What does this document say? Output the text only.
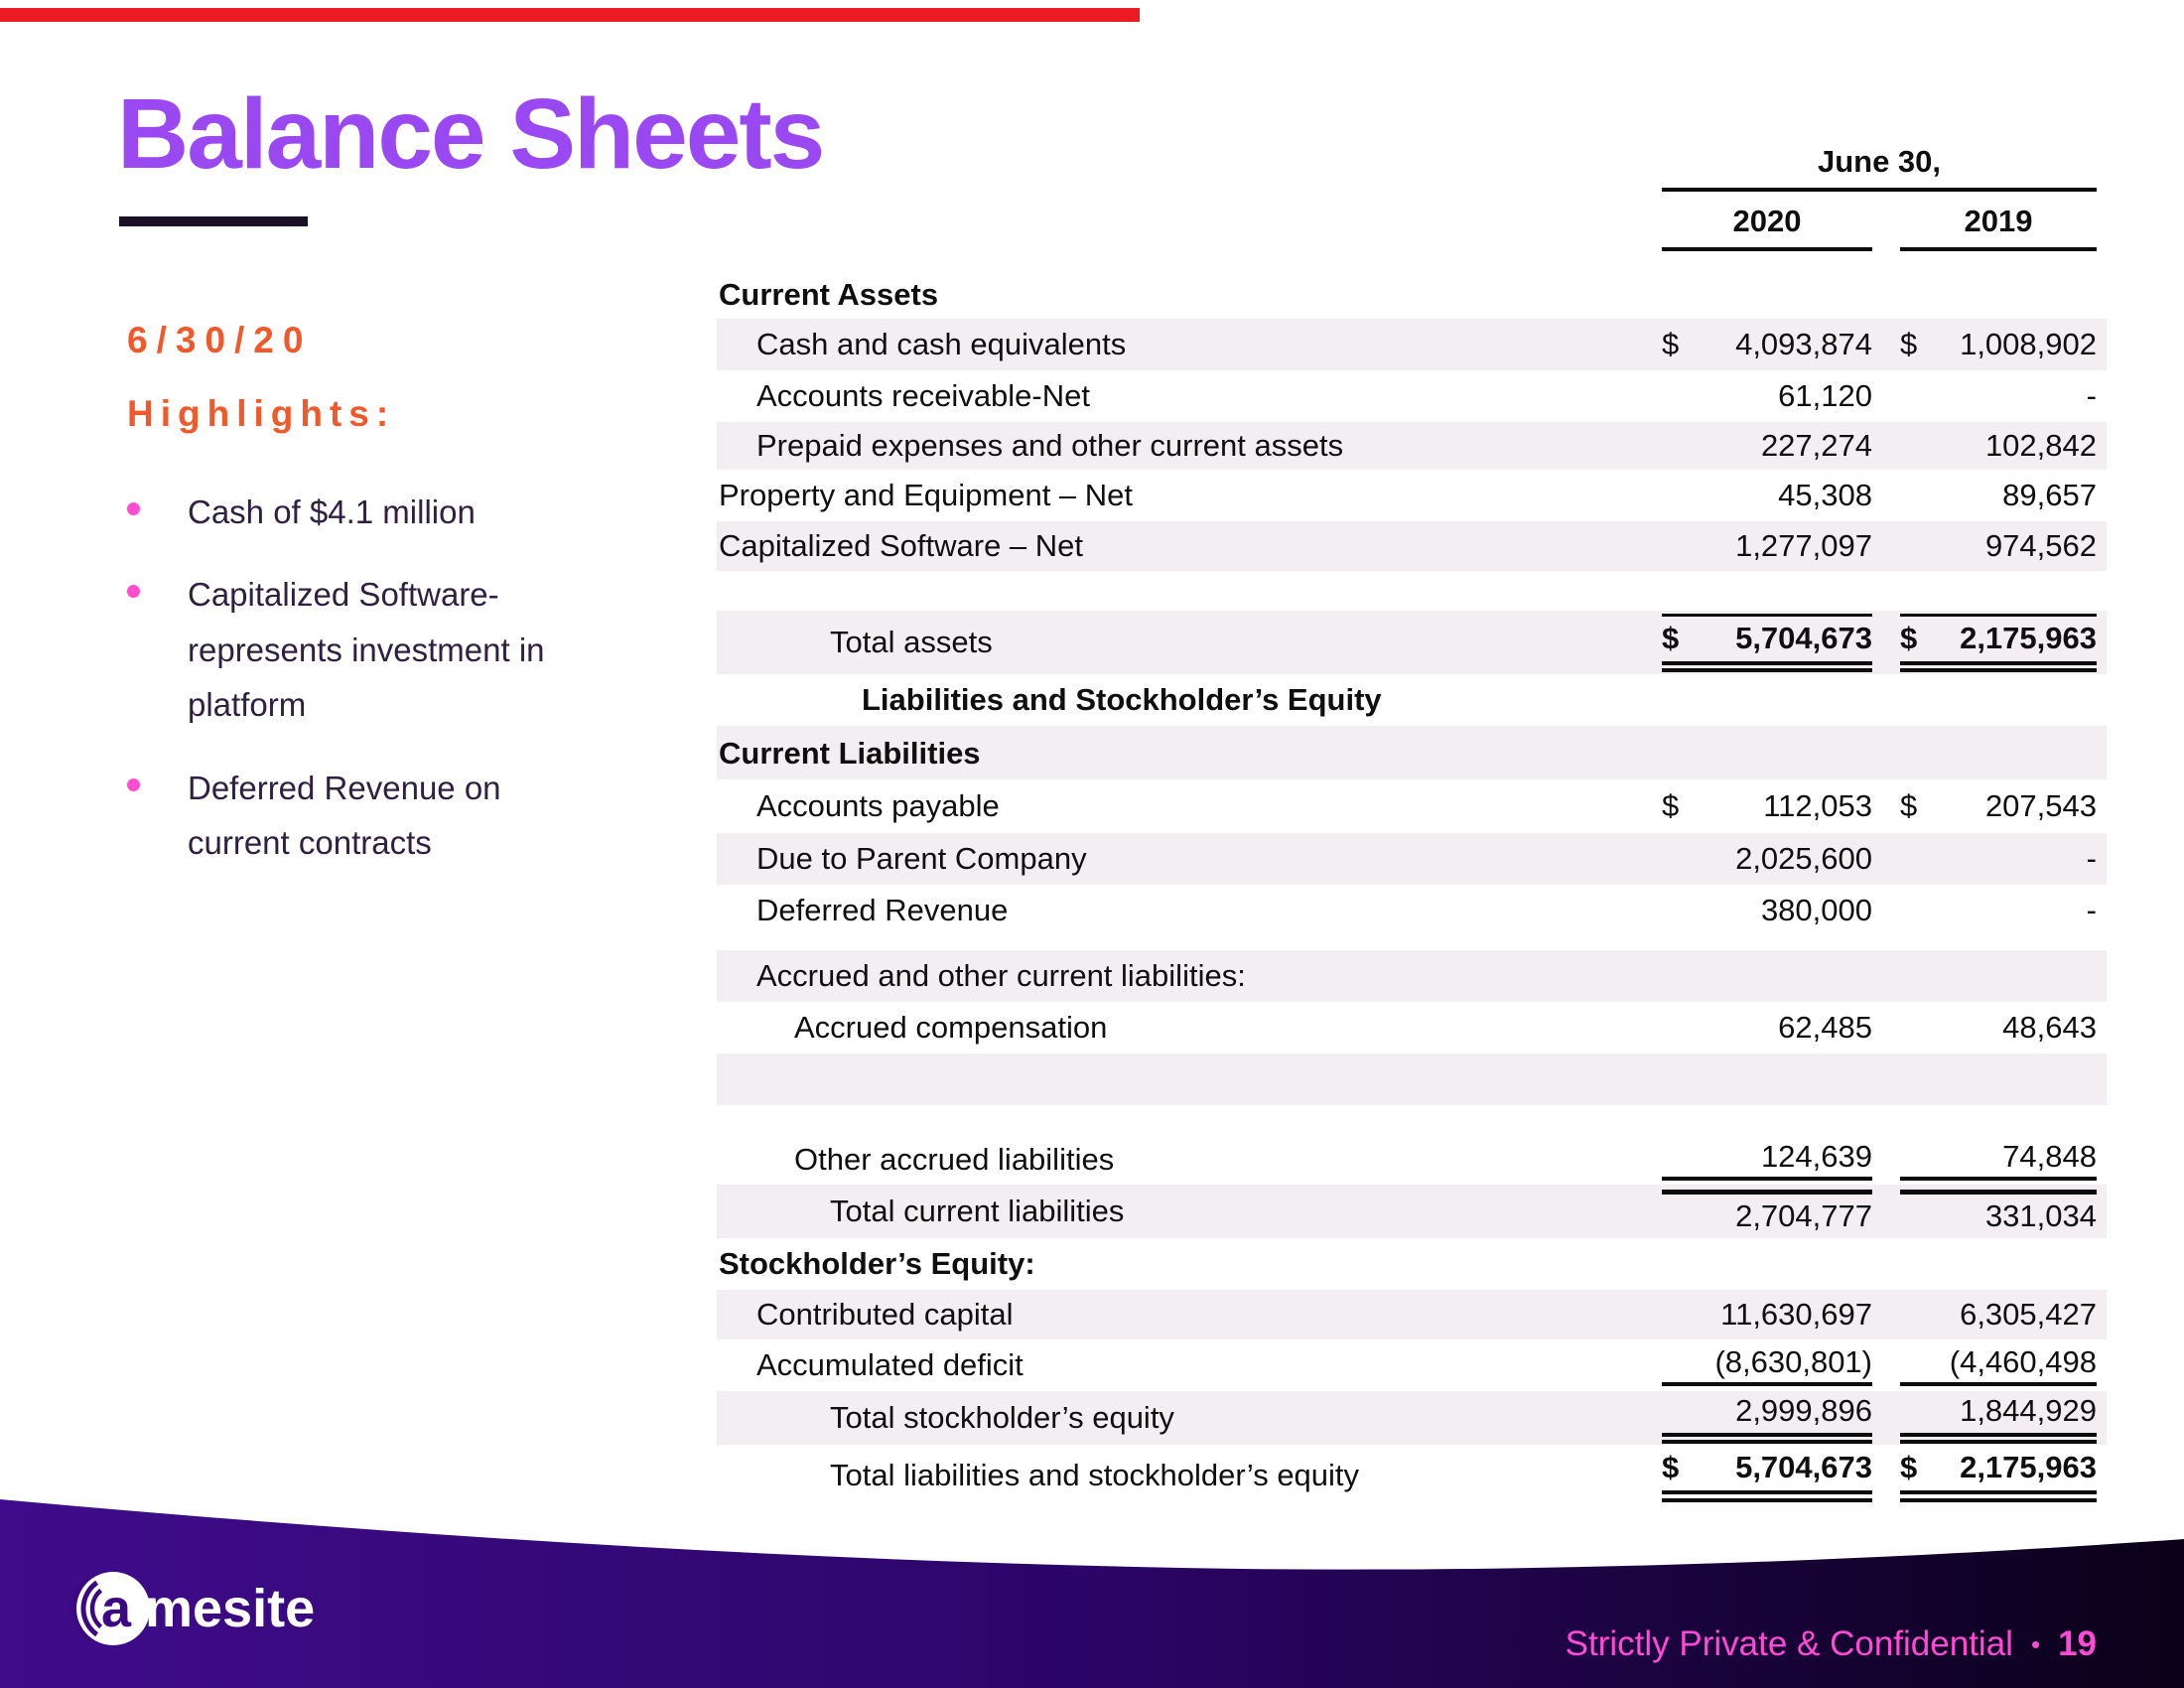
Balance Sheets
6/30/20
Highlights:
Cash of $4.1 million
Capitalized Software-represents investment in platform
Deferred Revenue on current contracts
June 30,
2020	2019
Current Assets
Cash and cash equivalents	$ 4,093,874 $ 1,008,902
Accounts receivable-Net	61,120	-
Prepaid expenses and other current assets	227,274	102,842
Property and Equipment – Net	45,308	89,657
Capitalized Software – Net	1,277,097	974,562
Total assets	$ 5,704,673 $ 2,175,963
Liabilities and Stockholder’s Equity
Current Liabilities
Accounts payable	$	112,053 $ 207,543
Due to Parent Company	2,025,600	-
Deferred Revenue	380,000	-
Accrued and other current liabilities:
Accrued compensation	62,485	48,643
Other accrued liabilities	124,639	74,848
Total current liabilities	2,704,777	331,034
Stockholder’s Equity:
Contributed capital	11,630,697	6,305,427
Accumulated deficit	(8,630,801)	(4,460,498
Total stockholder’s equity	2,999,896	1,844,929
Total liabilities and stockholder’s equity	$ 5,704,673 $ 2,175,963
a mesite
Strictly Private & Confidential • 19
